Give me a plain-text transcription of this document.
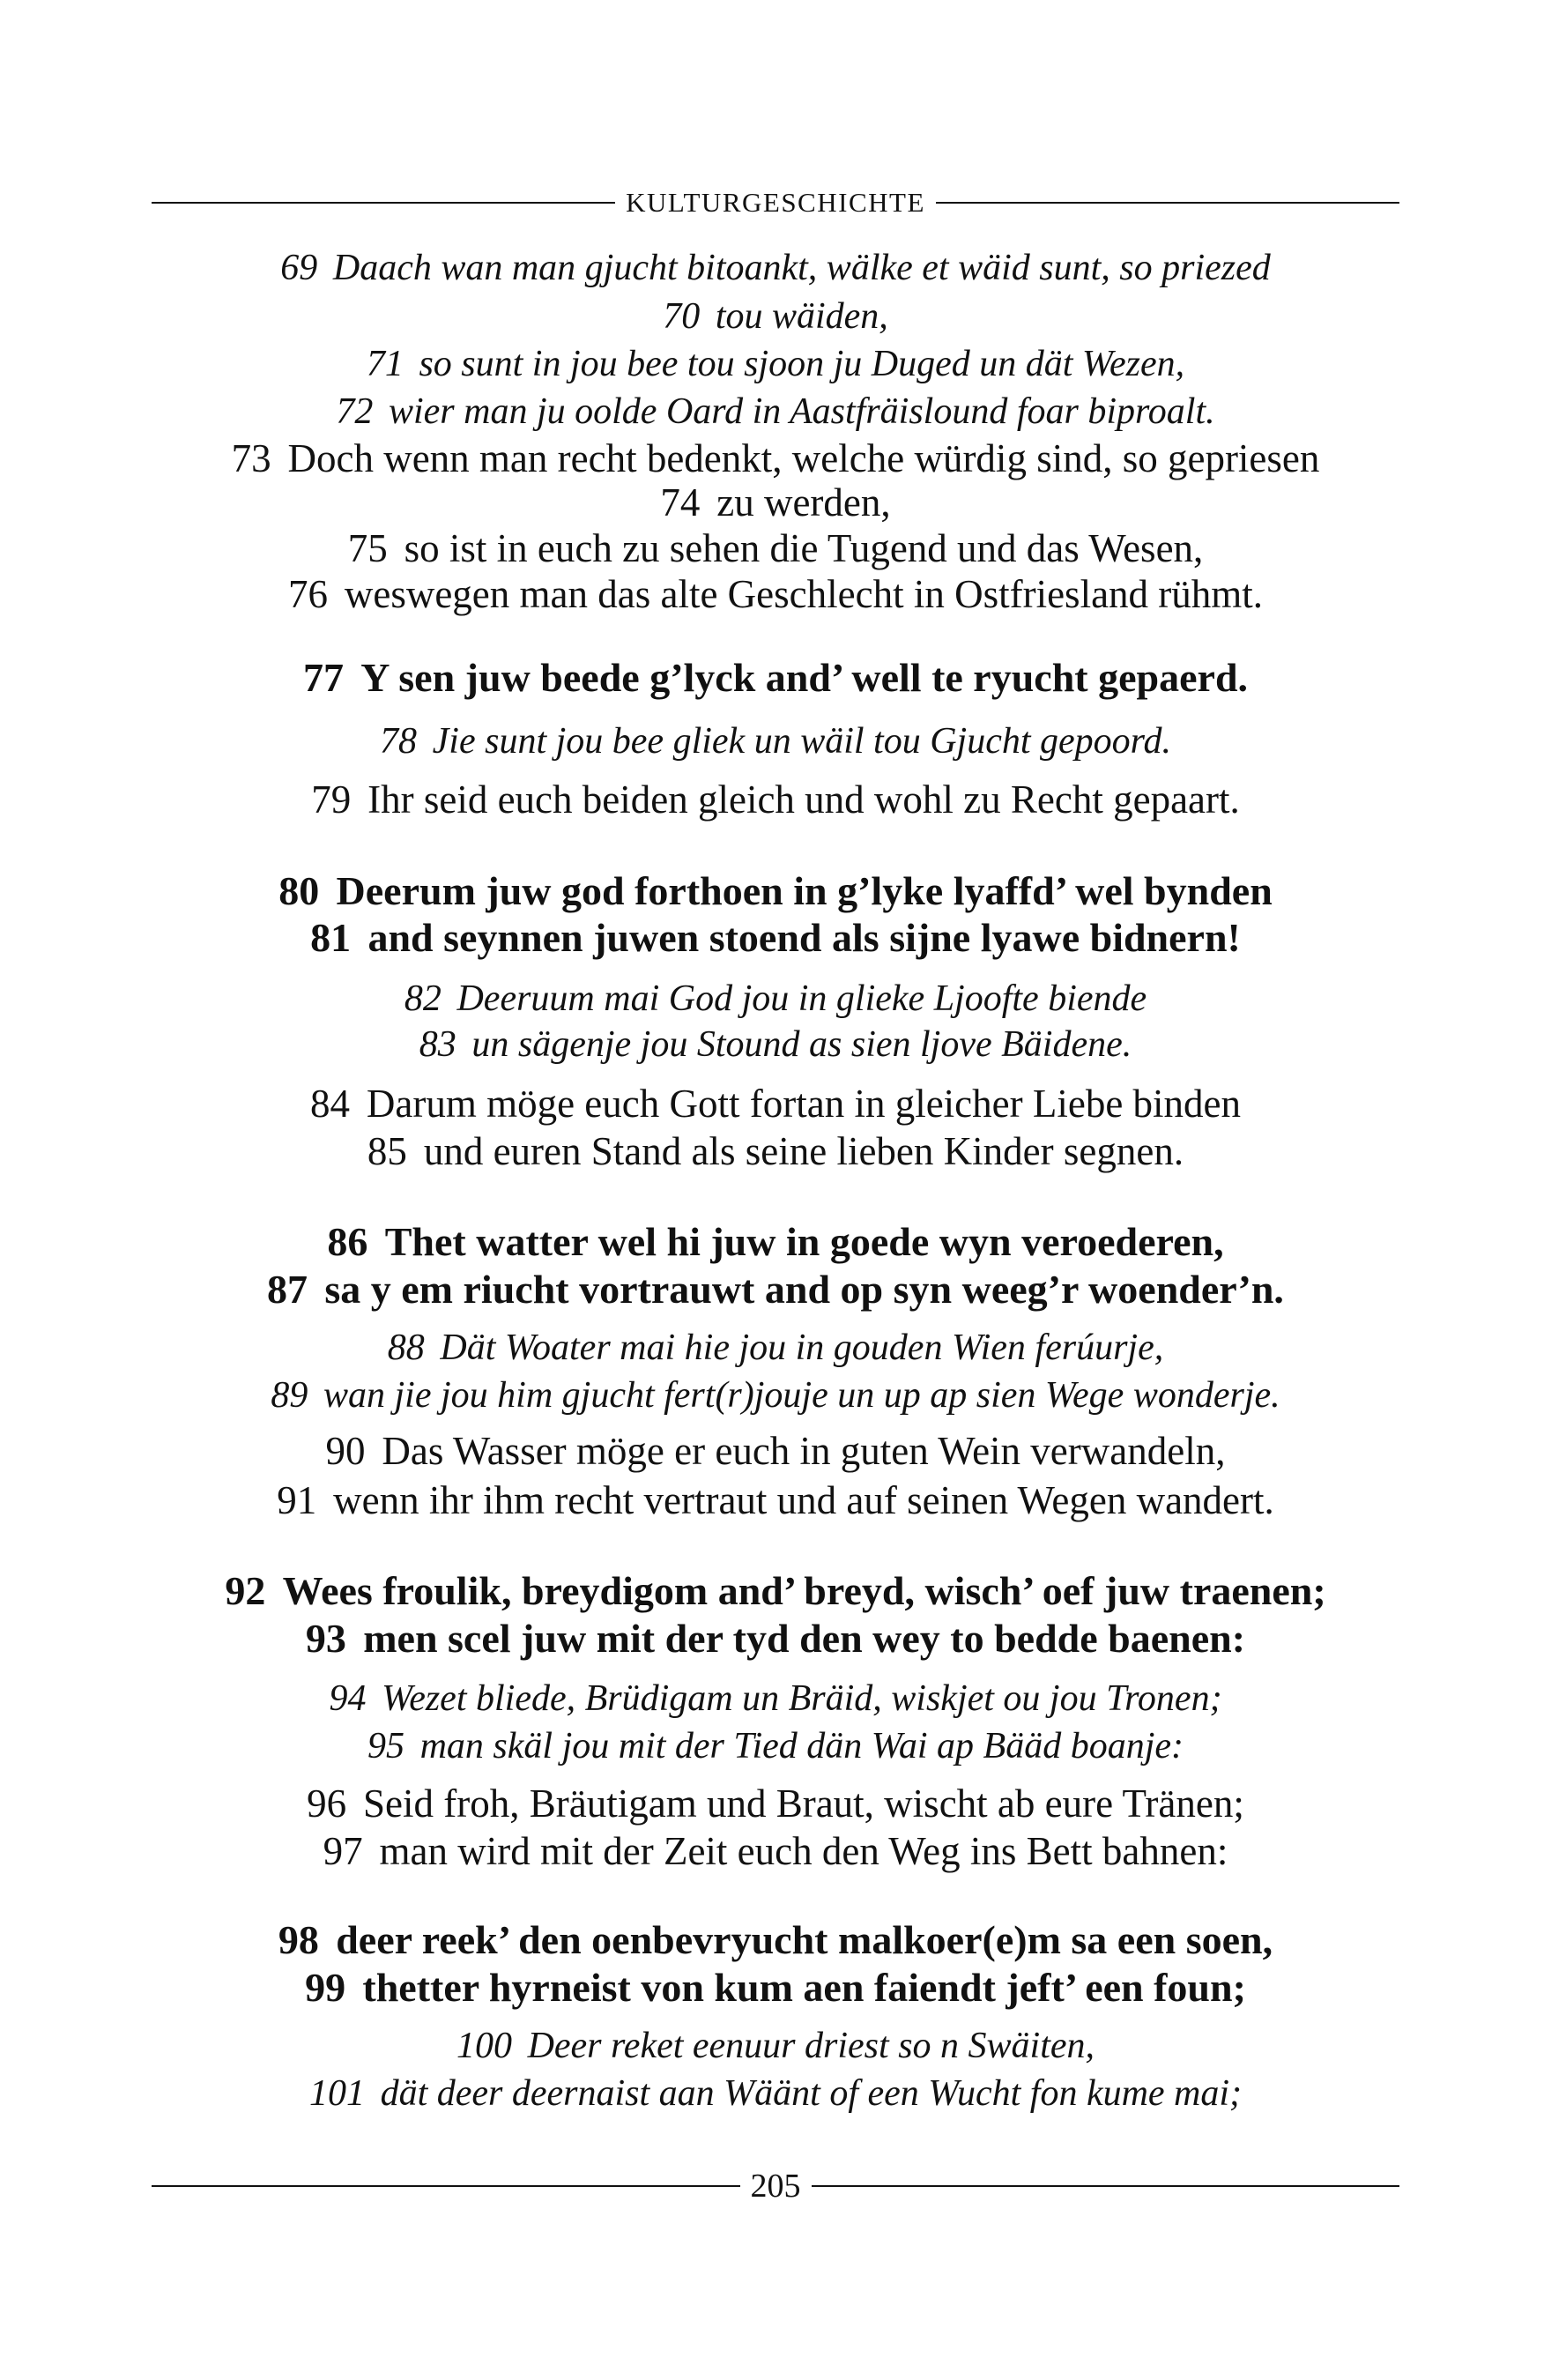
KULTURGESCHICHTE
69 Daach wan man gjucht bitoankt, wälke et wäid sunt, so priezed
70 tou wäiden,
71 so sunt in jou bee tou sjoon ju Duged un dät Wezen,
72 wier man ju oolde Oard in Aastfräislound foar biproalt.
73 Doch wenn man recht bedenkt, welche würdig sind, so gepriesen
74 zu werden,
75 so ist in euch zu sehen die Tugend und das Wesen,
76 weswegen man das alte Geschlecht in Ostfriesland rühmt.
77 Y sen juw beede g’lyck and’ well te ryucht gepaerd.
78 Jie sunt jou bee gliek un wäil tou Gjucht gepoord.
79 Ihr seid euch beiden gleich und wohl zu Recht gepaart.
80 Deerum juw god forthoen in g’lyke lyaffd’ wel bynden
81 and seynnen juwen stoend als sijne lyawe bidnern!
82 Deeruum mai God jou in glieke Ljoofte biende
83 un sägenje jou Stound as sien ljove Bäidene.
84 Darum möge euch Gott fortan in gleicher Liebe binden
85 und euren Stand als seine lieben Kinder segnen.
86 Thet watter wel hi juw in goede wyn veroederen,
87 sa y em riucht vortrauwt and op syn weeg’r woender’n.
88 Dät Woater mai hie jou in gouden Wien ferúurje,
89 wan jie jou him gjucht fert(r)jouje un up ap sien Wege wonderje.
90 Das Wasser möge er euch in guten Wein verwandeln,
91 wenn ihr ihm recht vertraut und auf seinen Wegen wandert.
92 Wees froulik, breydigom and’ breyd, wisch’ oef juw traenen;
93 men scel juw mit der tyd den wey to bedde baenen:
94 Wezet bliede, Brüdigam un Bräid, wiskjet ou jou Tronen;
95 man skäl jou mit der Tied dän Wai ap Bääd boanje:
96 Seid froh, Bräutigam und Braut, wischt ab eure Tränen;
97 man wird mit der Zeit euch den Weg ins Bett bahnen:
98 deer reek’ den oenbevryucht malkoer(e)m sa een soen,
99 thetter hyrneist von kum aen faiendt jeft’ een foun;
100 Deer reket eenuur driest so n Swäiten,
101 dät deer deernaist aan Wäänt of een Wucht fon kume mai;
205
